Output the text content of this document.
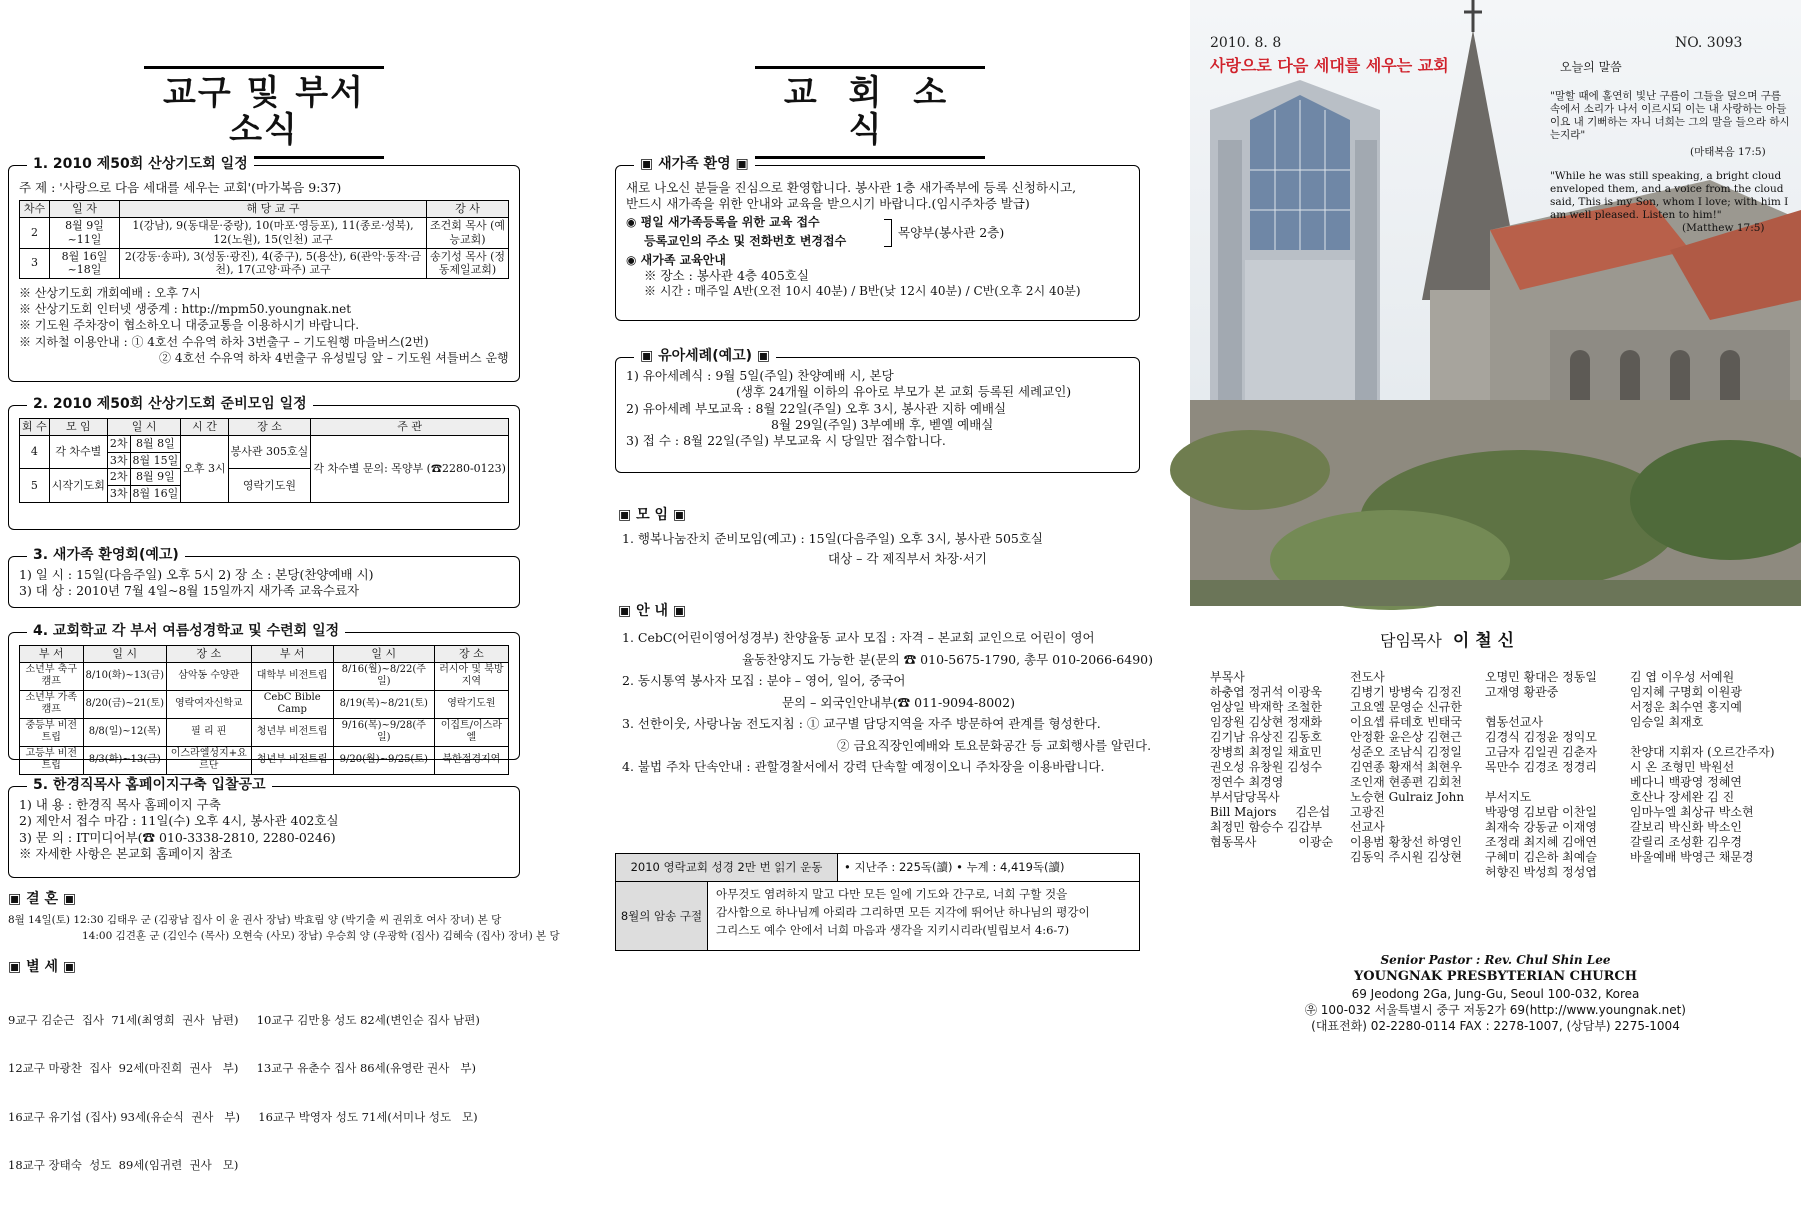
교구 및 부서소식
1. 2010 제50회 산상기도회 일정
주 제 : '사랑으로 다음 세대를 세우는 교회'(마가복음 9:37)
차수	일 자	해 당 교 구	강 사
2	8월 9일 ~11일	1(강남), 9(동대문·중랑), 10(마포·영등포), 11(종로·성북), 12(노원), 15(인천) 교구	조건회 목사 (예능교회)
3	8월 16일 ~18일	2(강동·송파), 3(성동·광진), 4(중구), 5(용산), 6(관악·동작·금천), 17(고양·파주) 교구	송기성 목사 (정동제일교회)
※ 산상기도회 개회예배 : 오후 7시
※ 산상기도회 인터넷 생중계 : http://mpm50.youngnak.net
※ 기도원 주차장이 협소하오니 대중교통을 이용하시기 바랍니다.
※ 지하철 이용안내 : ① 4호선 수유역 하차 3번출구 – 기도원행 마을버스(2번)
② 4호선 수유역 하차 4번출구 유성빌딩 앞 – 기도원 셔틀버스 운행
2. 2010 제50회 산상기도회 준비모임 일정
회 수	모 임	일 시		시 간	장 소	주 관
4	각 차수별	2차	8월 8일	오후 3시	봉사관 305호실	각 차수별 문의: 목양부 (☎2280-0123)
		3차	8월 15일			
5	시작기도회	2차	8월 9일		영락기도원	
		3차	8월 16일			
3. 새가족 환영회(예고)
1) 일 시 : 15일(다음주일) 오후 5시 2) 장 소 : 본당(찬양예배 시)
3) 대 상 : 2010년 7월 4일~8월 15일까지 새가족 교육수료자
4. 교회학교 각 부서 여름성경학교 및 수련회 일정
부 서	일 시	장 소	부 서	일 시	장 소
소년부 축구캠프	8/10(화)~13(금)	삼악동 수양관	대학부 비전트립	8/16(월)~8/22(주일)	러시아 및 북방지역
소년부 가족캠프	8/20(금)~21(토)	영락여자신학교	CebC Bible Camp	8/19(목)~8/21(토)	영락기도원
중등부 비전트립	8/8(일)~12(목)	필 리 핀	청년부 비전트립	9/16(목)~9/28(주일)	이집트/이스라엘
고등부 비전트립	8/3(화)~13(금)	이스라엘성지+요르단	청년부 비전트립	9/20(월)~9/25(토)	북한접경지역
5. 한경직목사 홈페이지구축 입찰공고
1) 내 용 : 한경직 목사 홈페이지 구축
2) 제안서 접수 마감 : 11일(수) 오후 4시, 봉사관 402호실
3) 문 의 : IT미디어부(☎ 010-3338-2810, 2280-0246)
※ 자세한 사항은 본교회 홈페이지 참조
▣ 결 혼 ▣
8월 14일(토) 12:30 김태우 군 (김광남 집사 이 윤 권사 장남) 박효림 양 (박기출 씨 권위호 여사 장녀) 본 당
14:00 김견훈 군 (김인수 (목사) 오현숙 (사모) 장남) 우승희 양 (우광학 (집사) 김혜숙 (집사) 장녀) 본 당
▣ 별 세 ▣

9교구 김순근  집사  71세(최영희  권사  남편)     10교구 김만용 성도 82세(변인순 집사 남편)

12교구 마광찬  집사  92세(마진희  권사   부)     13교구 유춘수 집사 86세(유영란 권사   부)

16교구 유기섭 (집사) 93세(유순식  권사   부)     16교구 박영자 성도 71세(서미나 성도   모)

18교구 장태숙  성도  89세(임귀련  권사   모)

교 회 소 식
▣ 새가족 환영 ▣
새로 나오신 분들을 진심으로 환영합니다. 봉사관 1층 새가족부에 등록 신청하시고,
반드시 새가족을 위한 안내와 교육을 받으시기 바랍니다.(임시주차증 발급)
◉ 평일 새가족등록을 위한 교육 접수
등록교인의 주소 및 전화번호 변경접수
목양부(봉사관 2층)
◉ 새가족 교육안내
※ 장소 : 봉사관 4층 405호실
※ 시간 : 매주일 A반(오전 10시 40분) / B반(낮 12시 40분) / C반(오후 2시 40분)
▣ 유아세례(예고) ▣
1) 유아세례식 : 9월 5일(주일) 찬양예배 시, 본당
(생후 24개월 이하의 유아로 부모가 본 교회 등록된 세례교인)
2) 유아세례 부모교육 : 8월 22일(주일) 오후 3시, 봉사관 지하 예배실
8월 29일(주일) 3부예배 후, 벧엘 예배실
3) 접 수 : 8월 22일(주일) 부모교육 시 당일만 접수합니다.
▣ 모 임 ▣
1. 행복나눔잔치 준비모임(예고) : 15일(다음주일) 오후 3시, 봉사관 505호실
대상 – 각 제직부서 차장·서기
▣ 안 내 ▣
1. CebC(어린이영어성경부) 찬양율동 교사 모집 : 자격 – 본교회 교인으로 어린이 영어
율동찬양지도 가능한 분(문의 ☎ 010-5675-1790, 총무 010-2066-6490)
2. 동시통역 봉사자 모집 : 분야 – 영어, 일어, 중국어
문의 – 외국인안내부(☎ 011-9094-8002)
3. 선한이웃, 사랑나눔 전도지침 : ① 교구별 담당지역을 자주 방문하여 관계를 형성한다.
② 금요직장인예배와 토요문화공간 등 교회행사를 알린다.
4. 불법 주차 단속안내 : 관할경찰서에서 강력 단속할 예정이오니 주차장을 이용바랍니다.
2010 영락교회 성경 2만 번 읽기 운동	• 지난주 : 225독(讀) • 누계 : 4,419독(讀)
8월의 암송 구절
아무것도 염려하지 말고 다만 모든 일에 기도와 간구로, 너희 구할 것을
감사함으로 하나님께 아뢰라 그리하면 모든 지각에 뛰어난 하나님의 평강이
그리스도 예수 안에서 너희 마음과 생각을 지키시리라(빌립보서 4:6-7)
2010. 8. 8	NO. 3093
사랑으로 다음 세대를 세우는 교회	오늘의 말씀
"말할 때에 홀연히 빛난 구름이 그들을 덮으며 구름 속에서 소리가 나서 이르시되 이는 내 사랑하는 아들이요 내 기뻐하는 자니 너희는 그의 말을 들으라 하시는지라"
(마태복음 17:5)
"While he was still speaking, a bright cloud enveloped them, and a voice from the cloud said, This is my Son, whom I love; with him I am well pleased. Listen to him!"
(Matthew 17:5)
담임목사 이 철 신
부목사
하충엽 정귀석 이광욱
엄상일 박재학 조철한
임장원 김상현 정재화
김기남 유상진 김동호
장병희 최정일 채효민
권오성 유창원 김성수
정연수 최경영
부서담당목사
Bill Majors     김은섭
최정민 함승수 김갑부
협동목사           이광순
전도사
김병기 방병숙 김정진
고요엘 문영순 신규한
이요셉 류데호 빈태국
안정환 윤은상 김현근
성준오 조남식 김정일
김연종 황재석 최현우
조인재 현종편 김회천
노승현 Gulraiz John
고광진
선교사
이용범 황창선 하영인
김동익 주시원 김상현
오명민 황대은 정동일
고재영 황관중

협동선교사
김경식 김정윤 정익모
고금자 김일권 김춘자
목만수 김경조 정경리

부서지도
박광영 김보람 이찬일
최재숙 강동균 이재영
조정래 최지혜 김애연
구혜미 김은하 최예슬
허향진 박성희 정성엽
김 엽 이우성 서예원
임지혜 구명회 이원광
서정운 최수연 홍지예
임승일 최재호

찬양대 지휘자 (오르간주자)
시 온 조형민 박원선
베다니 백광영 정혜연
호산나 장세완 김 진
임마누엘 최상규 박소현
갈보리 박신화 박소인
갈릴리 조성환 김우경
바울예배 박영근 채문경
Senior Pastor : Rev. Chul Shin Lee
YOUNGNAK PRESBYTERIAN CHURCH
69 Jeodong 2Ga, Jung-Gu, Seoul 100-032, Korea
㉾ 100-032 서울특별시 중구 저동2가 69(http://www.youngnak.net)
(대표전화) 02-2280-0114 FAX : 2278-1007, (상담부) 2275-1004
